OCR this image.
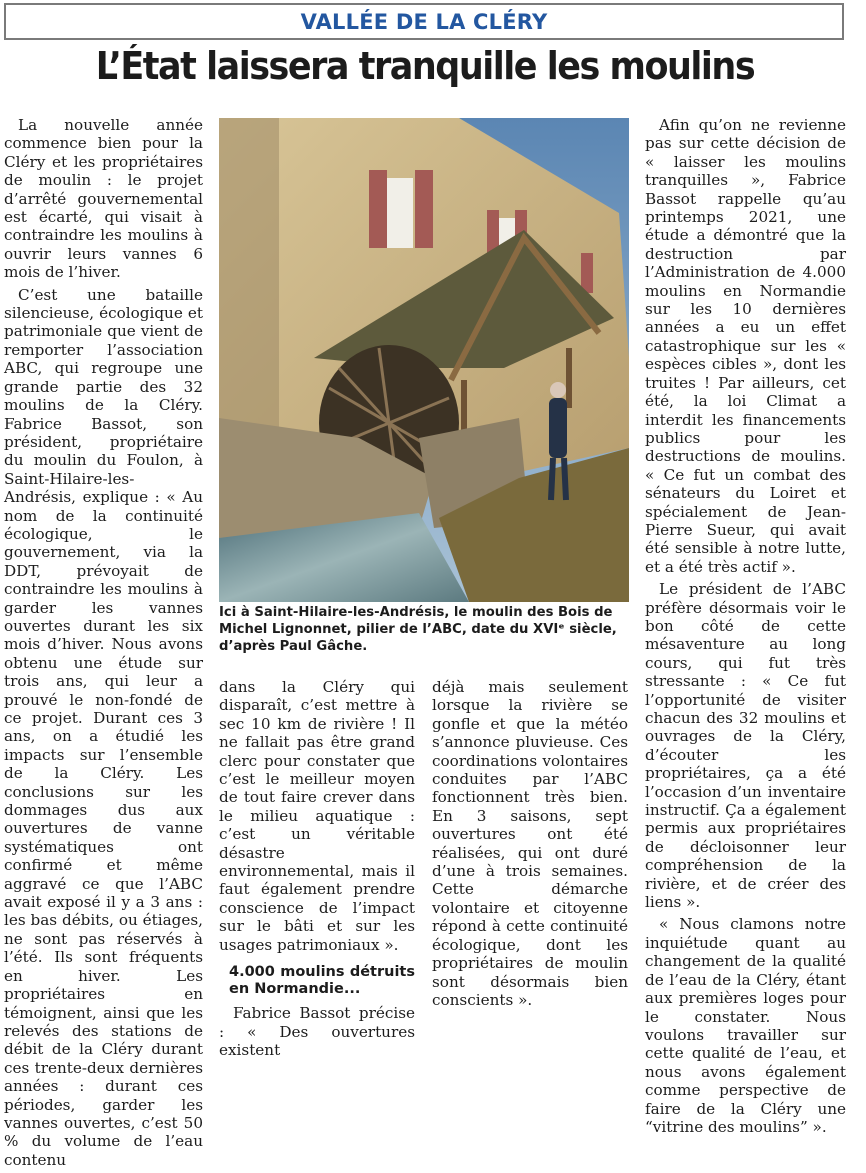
VALLÉE DE LA CLÉRY
L’État laissera tranquille les moulins

La nouvelle année commence bien pour la Cléry et les propriétaires de moulin : le projet d’arrêté gouvernemental est écarté, qui visait à contraindre les moulins à ouvrir leurs vannes 6 mois de l’hiver.

C’est une bataille silencieuse, écologique et patrimoniale que vient de remporter l’association ABC, qui regroupe une grande partie des 32 moulins de la Cléry. Fabrice Bassot, son président, propriétaire du moulin du Foulon, à Saint-Hilaire-les-Andrésis, explique : « Au nom de la continuité écologique, le gouvernement, via la DDT, prévoyait de contraindre les moulins à garder les vannes ouvertes durant les six mois d’hiver. Nous avons obtenu une étude sur trois ans, qui leur a prouvé le non-fondé de ce projet. Durant ces 3 ans, on a étudié les impacts sur l’ensemble de la Cléry. Les conclusions sur les dommages dus aux ouvertures de vanne systématiques ont confirmé et même aggravé ce que l’ABC avait exposé il y a 3 ans : les bas débits, ou étiages, ne sont pas réservés à l’été. Ils sont fréquents en hiver. Les propriétaires en témoignent, ainsi que les relevés des stations de débit de la Cléry durant ces trente-deux dernières années : durant ces périodes, garder les vannes ouvertes, c’est 50 % du volume de l’eau contenu

Ici à Saint-Hilaire-les-Andrésis, le moulin des Bois de Michel Lignonnet, pilier de l’ABC, date du XVIᵉ siècle, d’après Paul Gâche.

dans la Cléry qui disparaît, c’est mettre à sec 10 km de rivière ! Il ne fallait pas être grand clerc pour constater que c’est le meilleur moyen de tout faire crever dans le milieu aquatique : c’est un véritable désastre environnemental, mais il faut également prendre conscience de l’impact sur le bâti et sur les usages patrimoniaux ».

4.000 moulins détruits en Normandie...

Fabrice Bassot précise : « Des ouvertures existent

déjà mais seulement lorsque la rivière se gonfle et que la météo s’annonce pluvieuse. Ces coordinations volontaires conduites par l’ABC fonctionnent très bien. En 3 saisons, sept ouvertures ont été réalisées, qui ont duré d’une à trois semaines. Cette démarche volontaire et citoyenne répond à cette continuité écologique, dont les propriétaires de moulin sont désormais bien conscients ».

Afin qu’on ne revienne pas sur cette décision de « laisser les moulins tranquilles », Fabrice Bassot rappelle qu’au printemps 2021, une étude a démontré que la destruction par l’Administration de 4.000 moulins en Normandie sur les 10 dernières années a eu un effet catastrophique sur les « espèces cibles », dont les truites ! Par ailleurs, cet été, la loi Climat a interdit les financements publics pour les destructions de moulins. « Ce fut un combat des sénateurs du Loiret et spécialement de Jean-Pierre Sueur, qui avait été sensible à notre lutte, et a été très actif ».

Le président de l’ABC préfère désormais voir le bon côté de cette mésaventure au long cours, qui fut très stressante : « Ce fut l’opportunité de visiter chacun des 32 moulins et ouvrages de la Cléry, d’écouter les propriétaires, ça a été l’occasion d’un inventaire instructif. Ça a également permis aux propriétaires de décloisonner leur compréhension de la rivière, et de créer des liens ».

« Nous clamons notre inquiétude quant au changement de la qualité de l’eau de la Cléry, étant aux premières loges pour le constater. Nous voulons travailler sur cette qualité de l’eau, et nous avons également comme perspective de faire de la Cléry une “vitrine des moulins” ».
